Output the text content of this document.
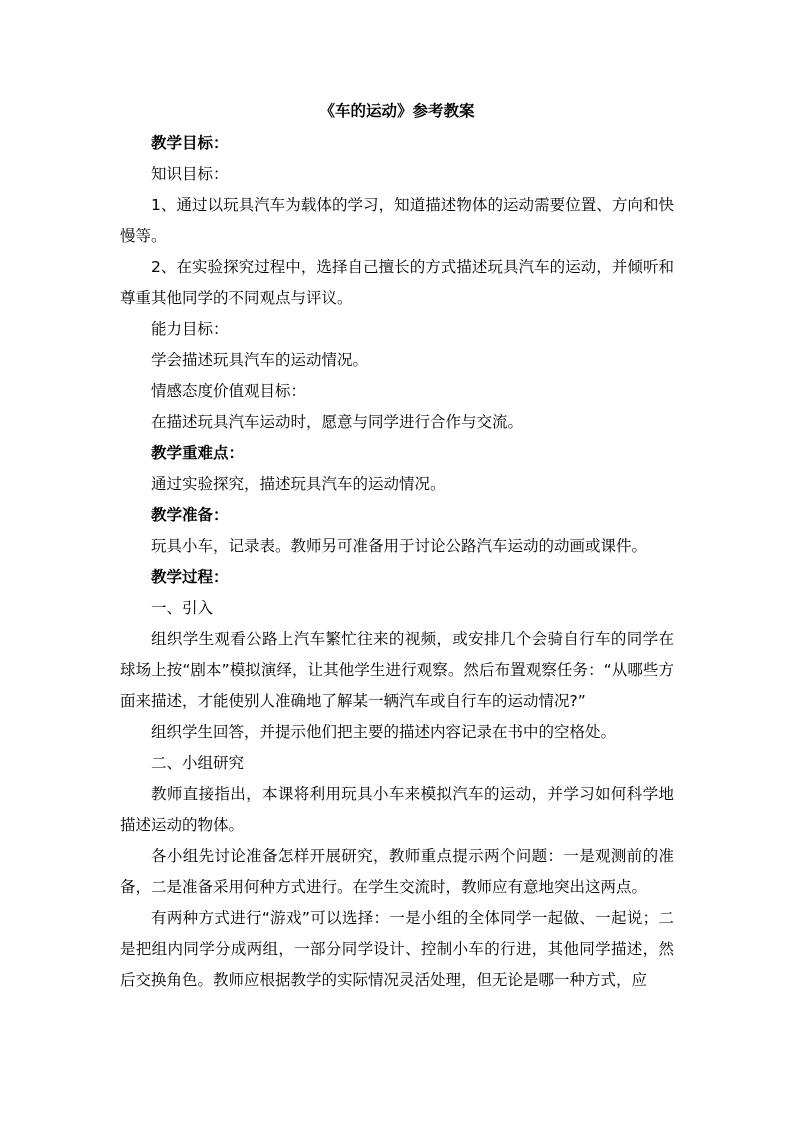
《车的运动》参考教案

教学目标：

知识目标：

1、通过以玩具汽车为载体的学习，知道描述物体的运动需要位置、方向和快慢等。

2、在实验探究过程中，选择自己擅长的方式描述玩具汽车的运动，并倾听和尊重其他同学的不同观点与评议。

能力目标：

学会描述玩具汽车的运动情况。

情感态度价值观目标：

在描述玩具汽车运动时，愿意与同学进行合作与交流。

教学重难点：

通过实验探究，描述玩具汽车的运动情况。

教学准备：

玩具小车，记录表。教师另可准备用于讨论公路汽车运动的动画或课件。

教学过程：

一、引入

组织学生观看公路上汽车繁忙往来的视频，或安排几个会骑自行车的同学在球场上按“剧本”模拟演绎，让其他学生进行观察。然后布置观察任务：“从哪些方面来描述，才能使别人准确地了解某一辆汽车或自行车的运动情况?”

组织学生回答，并提示他们把主要的描述内容记录在书中的空格处。

二、小组研究

教师直接指出，本课将利用玩具小车来模拟汽车的运动，并学习如何科学地描述运动的物体。

各小组先讨论准备怎样开展研究，教师重点提示两个问题：一是观测前的准备，二是准备采用何种方式进行。在学生交流时，教师应有意地突出这两点。

有两种方式进行“游戏”可以选择：一是小组的全体同学一起做、一起说；二是把组内同学分成两组，一部分同学设计、控制小车的行进，其他同学描述，然后交换角色。教师应根据教学的实际情况灵活处理，但无论是哪一种方式，应
